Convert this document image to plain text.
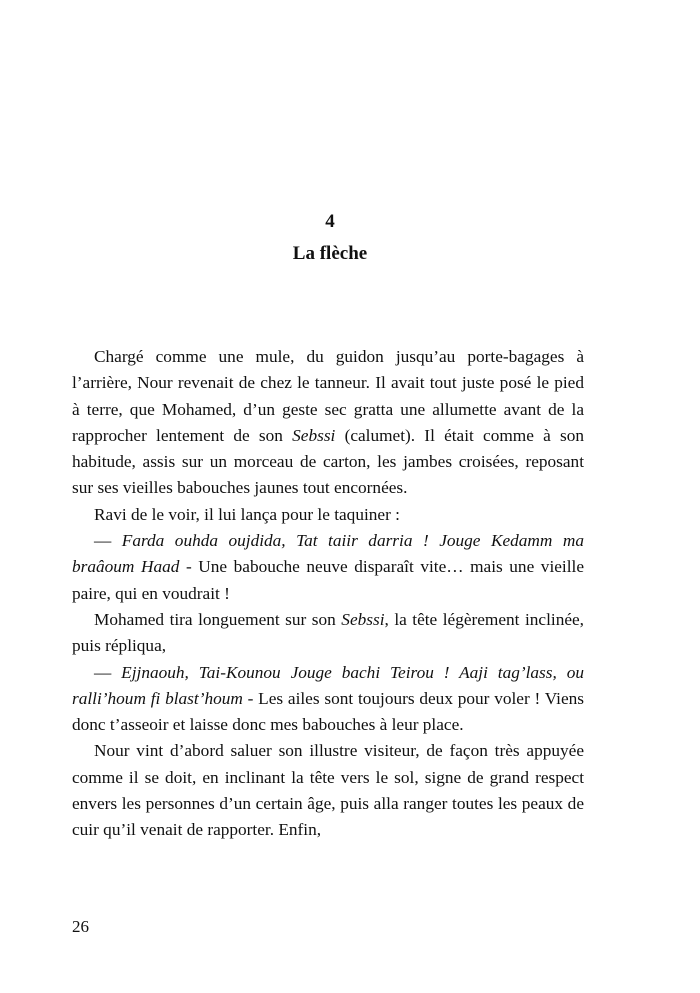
4
La flèche

Chargé comme une mule, du guidon jusqu’au porte-bagages à l’arrière, Nour revenait de chez le tanneur. Il avait tout juste posé le pied à terre, que Mohamed, d’un geste sec gratta une allumette avant de la rapprocher lentement de son Sebssi (calumet). Il était comme à son habitude, assis sur un morceau de carton, les jambes croisées, reposant sur ses vieilles babouches jaunes tout encornées.

Ravi de le voir, il lui lança pour le taquiner :

— Farda ouhda oujdida, Tat taiir darria ! Jouge Kedamm ma braâoum Haad - Une babouche neuve disparaît vite… mais une vieille paire, qui en voudrait !

Mohamed tira longuement sur son Sebssi, la tête légèrement inclinée, puis répliqua,

— Ejjnaouh, Tai-Kounou Jouge bachi Teirou ! Aaji tag’lass, ou ralli’houm fi blast’houm - Les ailes sont toujours deux pour voler ! Viens donc t’asseoir et laisse donc mes babouches à leur place.

Nour vint d’abord saluer son illustre visiteur, de façon très appuyée comme il se doit, en inclinant la tête vers le sol, signe de grand respect envers les personnes d’un certain âge, puis alla ranger toutes les peaux de cuir qu’il venait de rapporter. Enfin,

26
